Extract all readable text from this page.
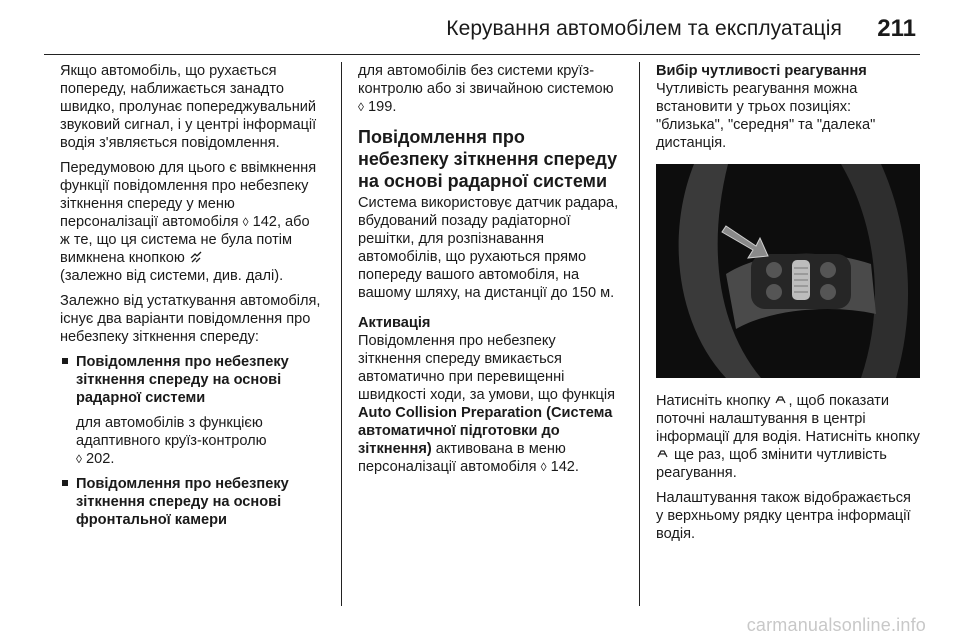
Керування автомобілем та експлуатація 211

Якщо автомобіль, що рухається попереду, наближається занадто швидко, пролунає попереджувальний звуковий сигнал, і у центрі інформації водія з'являється повідомлення.

Передумовою для цього є ввімкнення функції повідомлення про небезпеку зіткнення спереду у меню персоналізації автомобіля ◊ 142, або ж те, що ця система не була потім вимкнена кнопкою
(залежно від системи, див. далі).

Залежно від устаткування автомобіля, існує два варіанти повідомлення про небезпеку зіткнення спереду:

Повідомлення про небезпеку зіткнення спереду на основі радарної системи

для автомобілів з функцією адаптивного круїз-контролю
◊ 202.

Повідомлення про небезпеку зіткнення спереду на основі фронтальної камери

для автомобілів без системи круїз-контролю або зі звичайною системою ◊ 199.

Повідомлення про небезпеку зіткнення спереду на основі радарної системи

Система використовує датчик радара, вбудований позаду радіаторної решітки, для розпізнавання автомобілів, що рухаються прямо попереду вашого автомобіля, на вашому шляху, на дистанції до 150 м.

Активація

Повідомлення про небезпеку зіткнення спереду вмикається автоматично при перевищенні швидкості ходи, за умови, що функція Auto Collision Preparation (Система автоматичної підготовки до зіткнення) активована в меню персоналізації автомобіля ◊ 142.

Вибір чутливості реагування

Чутливість реагування можна встановити у трьох позиціях: "близька", "середня" та "далека" дистанція.

Натисніть кнопку , щоб показати поточні налаштування в центрі інформації для водія. Натисніть кнопку  ще раз, щоб змінити чутливість реагування.

Налаштування також відображається у верхньому рядку центра інформації водія.

carmanualsonline.info
